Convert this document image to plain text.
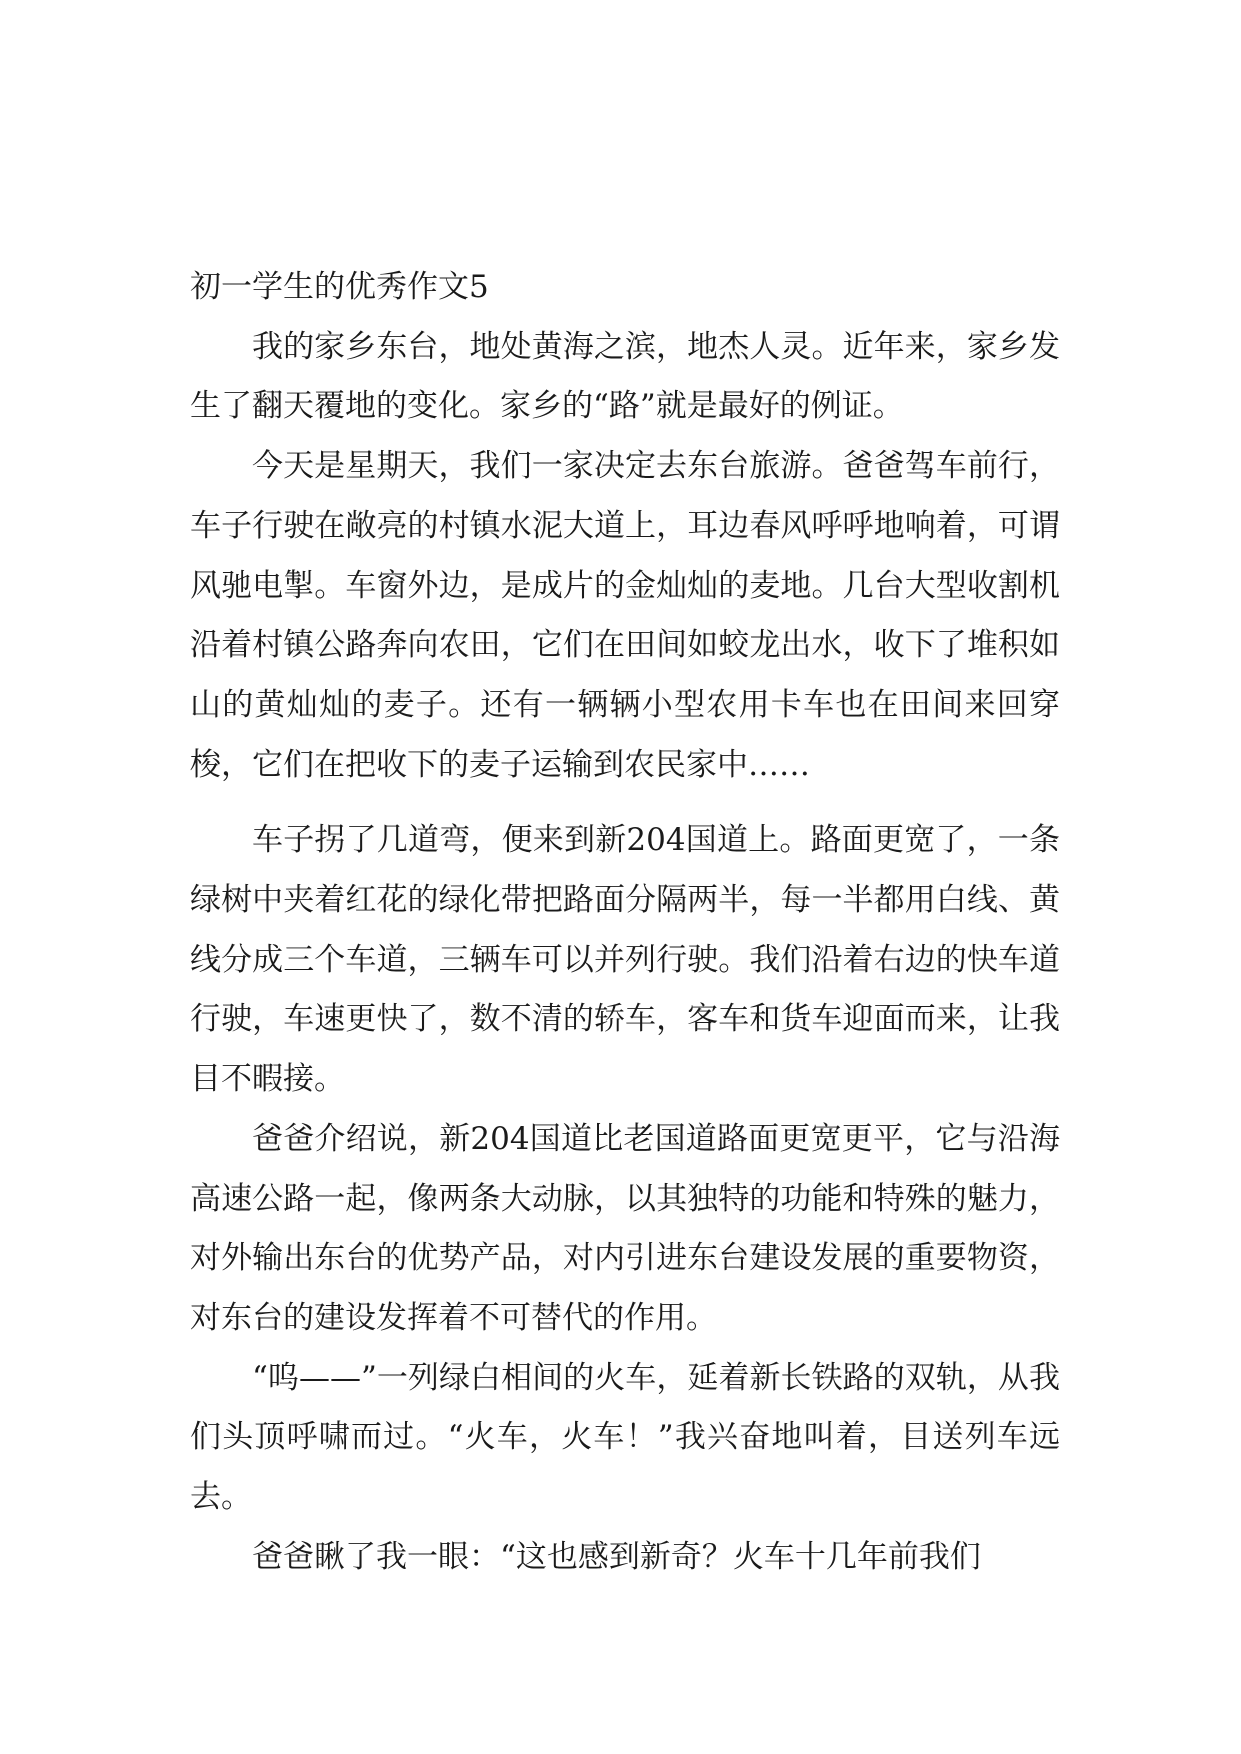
初一学生的优秀作文5

我的家乡东台，地处黄海之滨，地杰人灵。近年来，家乡发生了翻天覆地的变化。家乡的“路”就是最好的例证。

今天是星期天，我们一家决定去东台旅游。爸爸驾车前行，车子行驶在敞亮的村镇水泥大道上，耳边春风呼呼地响着，可谓风驰电掣。车窗外边，是成片的金灿灿的麦地。几台大型收割机沿着村镇公路奔向农田，它们在田间如蛟龙出水，收下了堆积如山的黄灿灿的麦子。还有一辆辆小型农用卡车也在田间来回穿梭，它们在把收下的麦子运输到农民家中……

车子拐了几道弯，便来到新204国道上。路面更宽了，一条绿树中夹着红花的绿化带把路面分隔两半，每一半都用白线、黄线分成三个车道，三辆车可以并列行驶。我们沿着右边的快车道行驶，车速更快了，数不清的轿车，客车和货车迎面而来，让我目不暇接。

爸爸介绍说，新204国道比老国道路面更宽更平，它与沿海高速公路一起，像两条大动脉，以其独特的功能和特殊的魅力，对外输出东台的优势产品，对内引进东台建设发展的重要物资，对东台的建设发挥着不可替代的作用。

“呜——”一列绿白相间的火车，延着新长铁路的双轨，从我们头顶呼啸而过。“火车，火车！”我兴奋地叫着，目送列车远去。

爸爸瞅了我一眼：“这也感到新奇？火车十几年前我们
